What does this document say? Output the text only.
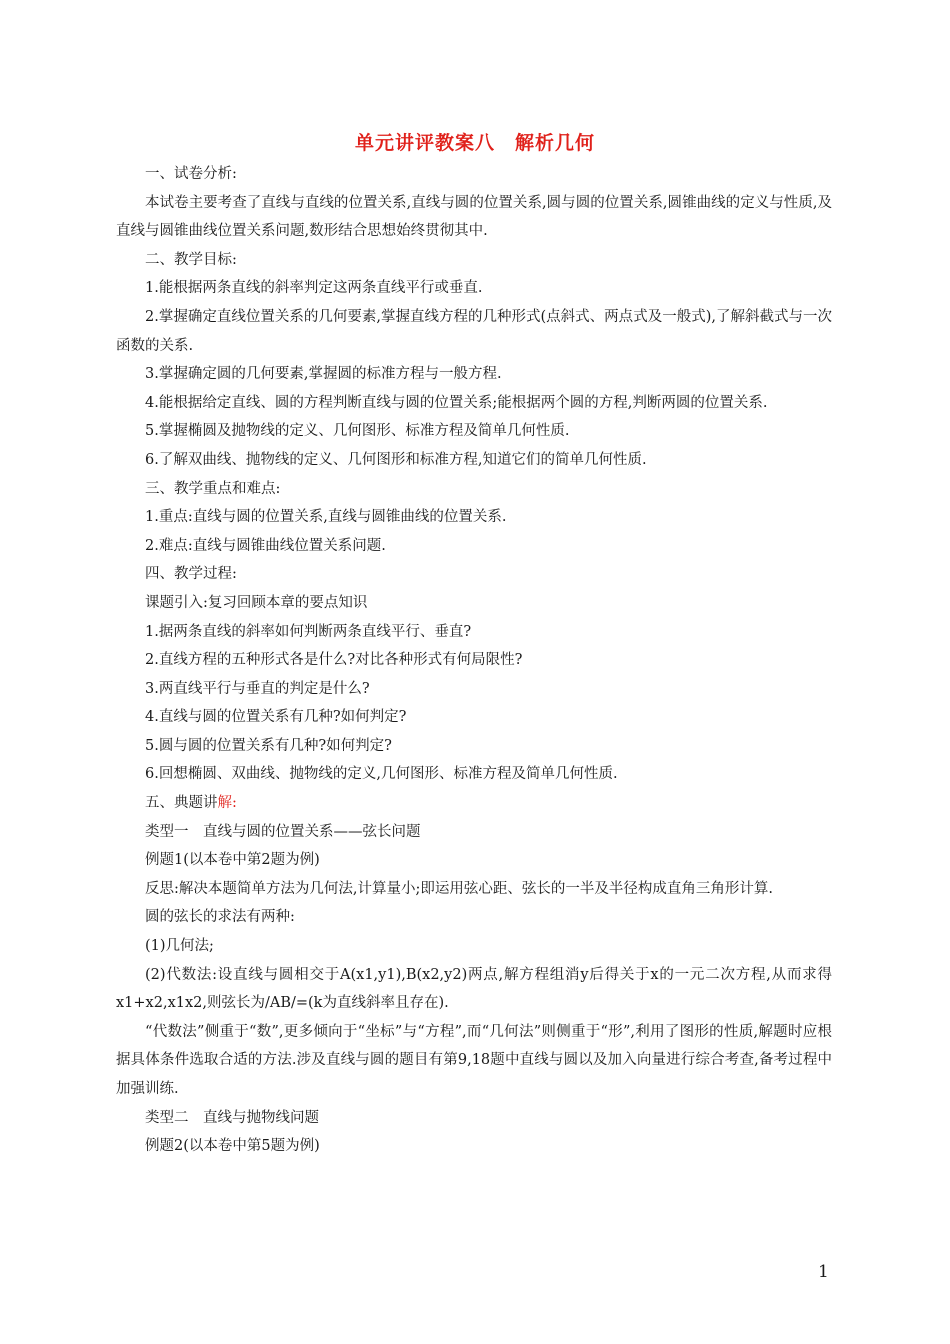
单元讲评教案八　解析几何

一、试卷分析:

本试卷主要考查了直线与直线的位置关系,直线与圆的位置关系,圆与圆的位置关系,圆锥曲线的定义与性质,及直线与圆锥曲线位置关系问题,数形结合思想始终贯彻其中.

二、教学目标:

1.能根据两条直线的斜率判定这两条直线平行或垂直.

2.掌握确定直线位置关系的几何要素,掌握直线方程的几种形式(点斜式、两点式及一般式),了解斜截式与一次函数的关系.

3.掌握确定圆的几何要素,掌握圆的标准方程与一般方程.

4.能根据给定直线、圆的方程判断直线与圆的位置关系;能根据两个圆的方程,判断两圆的位置关系.

5.掌握椭圆及抛物线的定义、几何图形、标准方程及简单几何性质.

6.了解双曲线、抛物线的定义、几何图形和标准方程,知道它们的简单几何性质.

三、教学重点和难点:

1.重点:直线与圆的位置关系,直线与圆锥曲线的位置关系.

2.难点:直线与圆锥曲线位置关系问题.

四、教学过程:

课题引入:复习回顾本章的要点知识

1.据两条直线的斜率如何判断两条直线平行、垂直?

2.直线方程的五种形式各是什么?对比各种形式有何局限性?

3.两直线平行与垂直的判定是什么?

4.直线与圆的位置关系有几种?如何判定?

5.圆与圆的位置关系有几种?如何判定?

6.回想椭圆、双曲线、抛物线的定义,几何图形、标准方程及简单几何性质.

五、典题讲解:

类型一　直线与圆的位置关系——弦长问题

例题1(以本卷中第2题为例)

反思:解决本题简单方法为几何法,计算量小;即运用弦心距、弦长的一半及半径构成直角三角形计算.

圆的弦长的求法有两种:

(1)几何法;

(2)代数法:设直线与圆相交于A(x1,y1),B(x2,y2)两点,解方程组消y后得关于x的一元二次方程,从而求得x1+x2,x1x2,则弦长为/AB/=(k为直线斜率且存在).

“代数法”侧重于“数”,更多倾向于“坐标”与“方程”,而“几何法”则侧重于“形”,利用了图形的性质,解题时应根据具体条件选取合适的方法.涉及直线与圆的题目有第9,18题中直线与圆以及加入向量进行综合考查,备考过程中加强训练.

类型二　直线与抛物线问题

例题2(以本卷中第5题为例)

1
